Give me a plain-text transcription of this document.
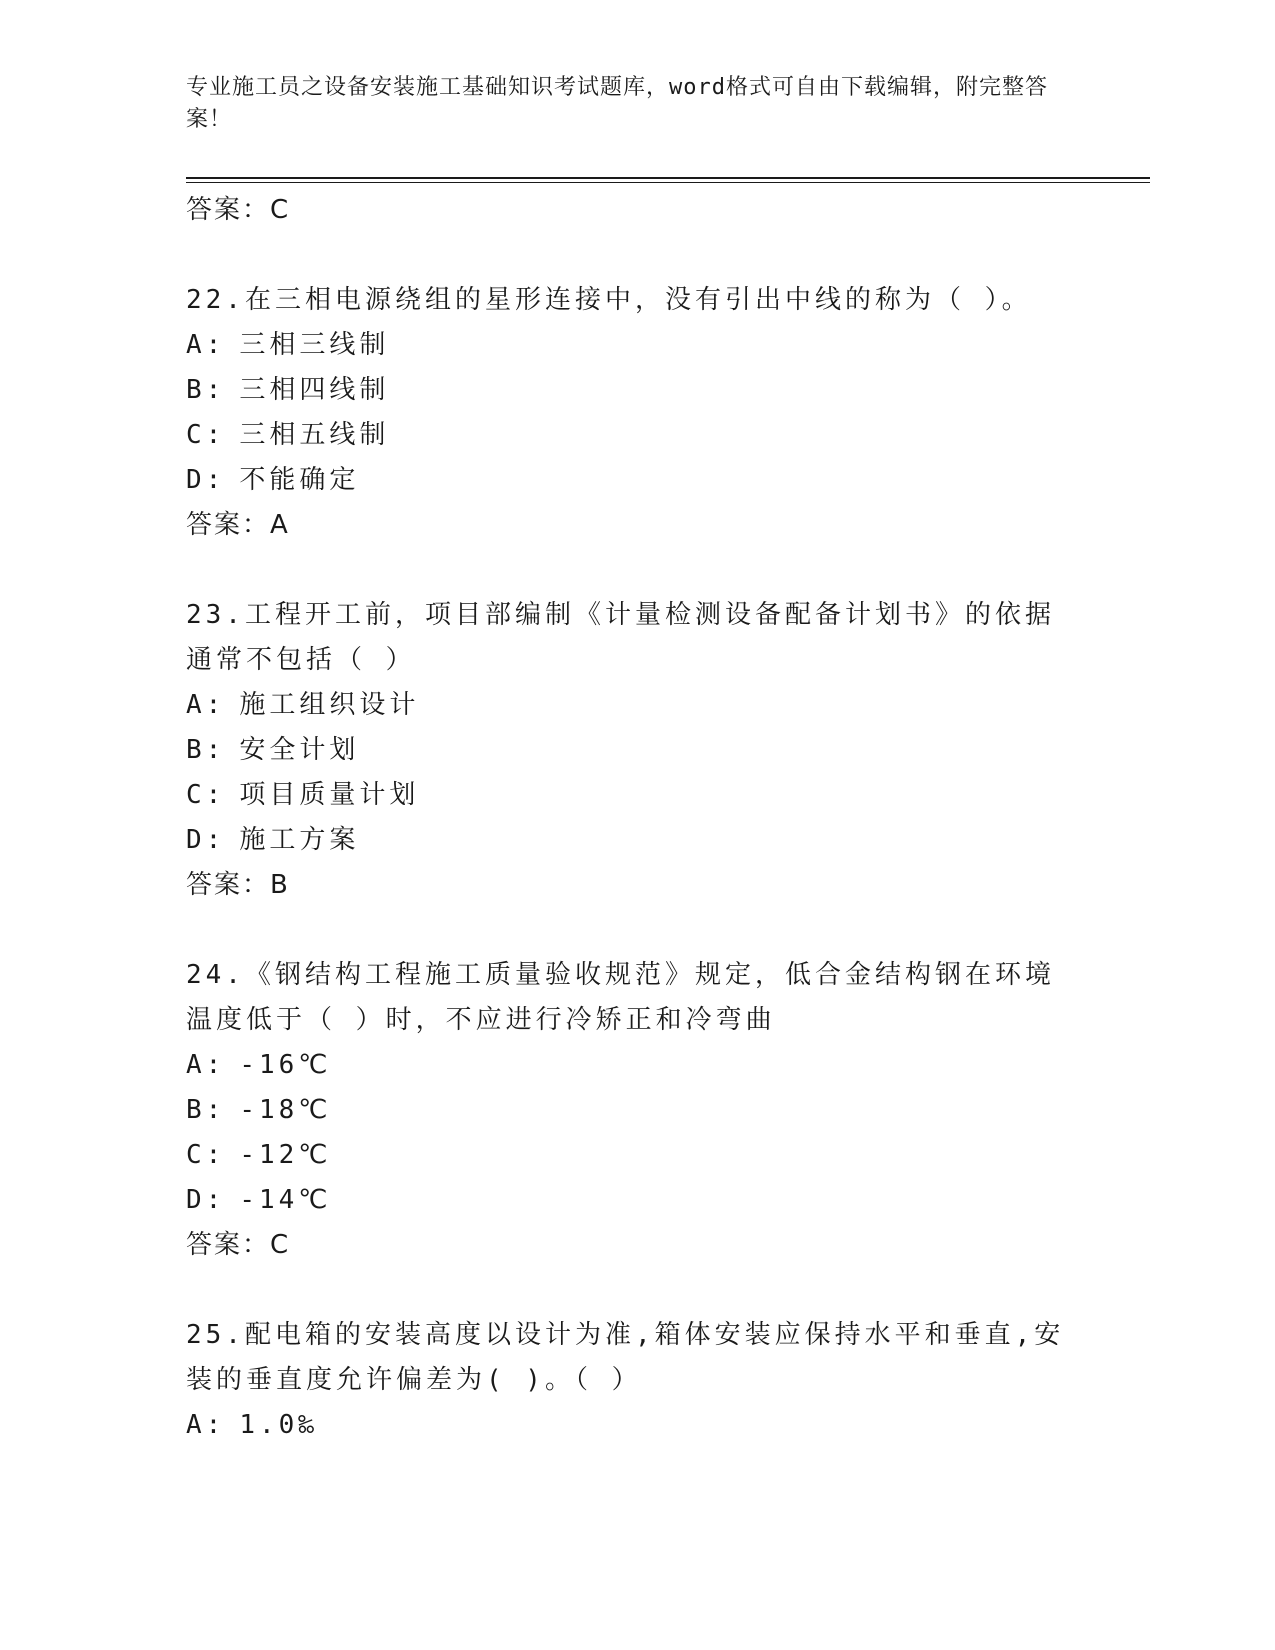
专业施工员之设备安装施工基础知识考试题库，word格式可自由下载编辑，附完整答案！
答案：C
22.在三相电源绕组的星形连接中，没有引出中线的称为（ ）。
A: 三相三线制
B: 三相四线制
C: 三相五线制
D: 不能确定
答案：A
23.工程开工前，项目部编制《计量检测设备配备计划书》的依据通常不包括（ ）
A: 施工组织设计
B: 安全计划
C: 项目质量计划
D: 施工方案
答案：B
24.《钢结构工程施工质量验收规范》规定，低合金结构钢在环境温度低于（ ）时，不应进行冷矫正和冷弯曲
A: -16℃
B: -18℃
C: -12℃
D: -14℃
答案：C
25.配电箱的安装高度以设计为准,箱体安装应保持水平和垂直,安装的垂直度允许偏差为( )。（ ）
A: 1.0‰
